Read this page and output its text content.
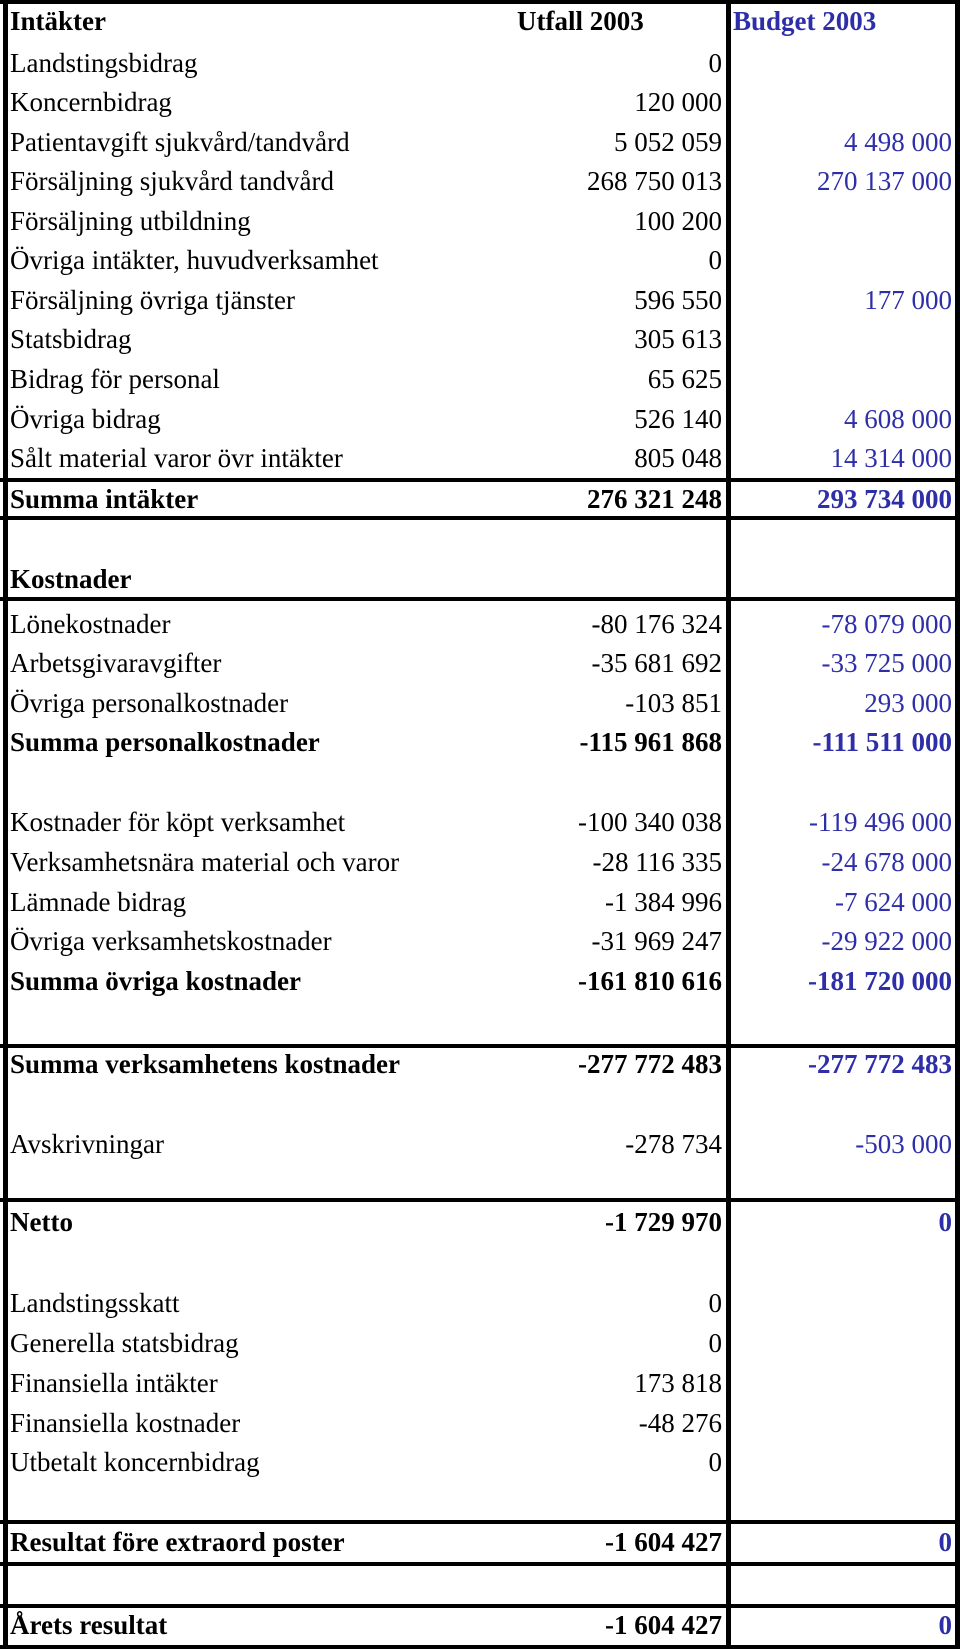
Intäkter	Utfall 2003	Budget 2003
Landstingsbidrag	0
Koncernbidrag	120 000
Patientavgift sjukvård/tandvård	5 052 059	4 498 000
Försäljning sjukvård tandvård	268 750 013	270 137 000
Försäljning utbildning	100 200
Övriga intäkter, huvudverksamhet	0
Försäljning övriga tjänster	596 550	177 000
Statsbidrag	305 613
Bidrag för personal	65 625
Övriga bidrag	526 140	4 608 000
Sålt material varor övr intäkter	805 048	14 314 000
Summa intäkter	276 321 248	293 734 000
Kostnader
Lönekostnader	-80 176 324	-78 079 000
Arbetsgivaravgifter	-35 681 692	-33 725 000
Övriga personalkostnader	-103 851	293 000
Summa personalkostnader	-115 961 868	-111 511 000
Kostnader för köpt verksamhet	-100 340 038	-119 496 000
Verksamhetsnära material och varor	-28 116 335	-24 678 000
Lämnade bidrag	-1 384 996	-7 624 000
Övriga verksamhetskostnader	-31 969 247	-29 922 000
Summa övriga kostnader	-161 810 616	-181 720 000
Summa verksamhetens kostnader	-277 772 483	-277 772 483
Avskrivningar	-278 734	-503 000
Netto	-1 729 970	0
Landstingsskatt	0
Generella statsbidrag	0
Finansiella intäkter	173 818
Finansiella kostnader	-48 276
Utbetalt koncernbidrag	0
Resultat före extraord poster	-1 604 427	0
Årets resultat	-1 604 427	0
